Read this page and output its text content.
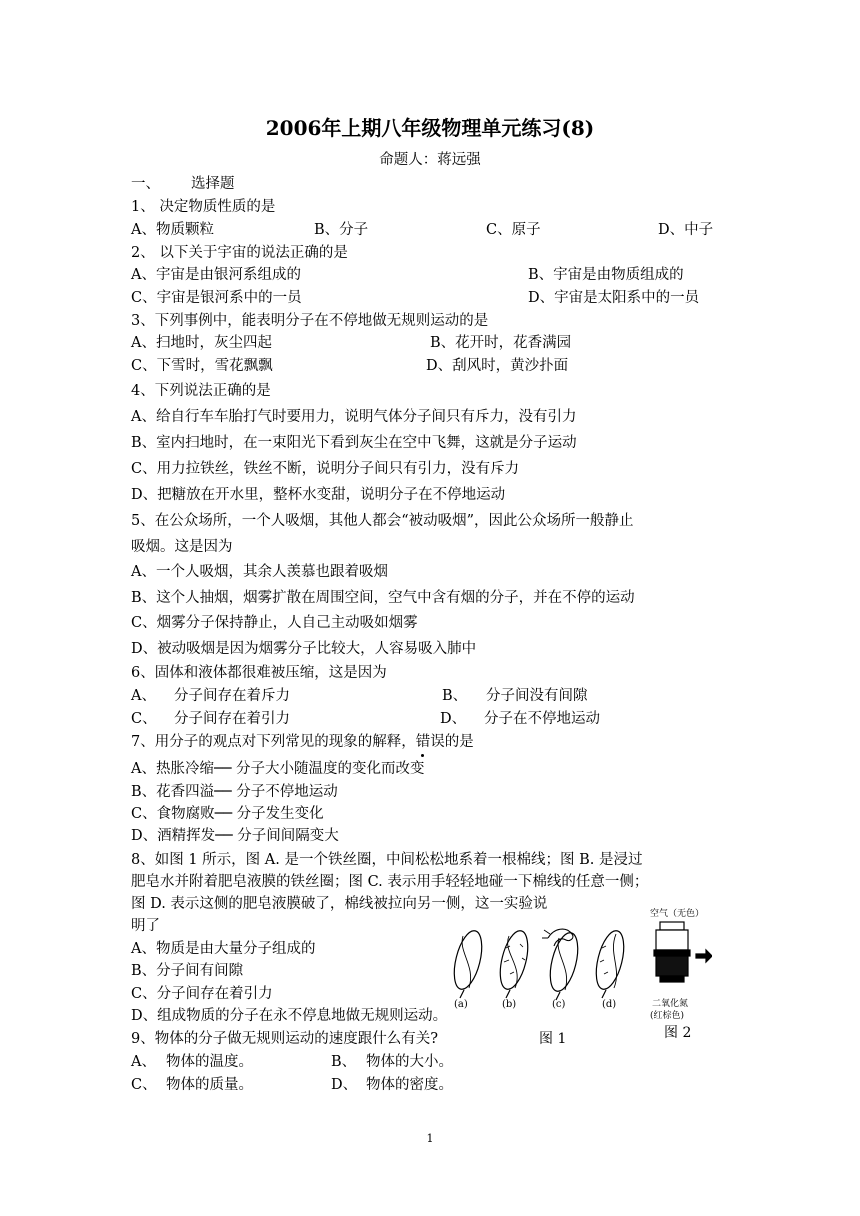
2006年上期八年级物理单元练习(8)
命题人：蒋远强
一、 选择题
1、 决定物质性质的是
A、物质颗粒	B、分子	C、原子	D、中子
2、 以下关于宇宙的说法正确的是
A、宇宙是由银河系组成的	B、宇宙是由物质组成的
C、宇宙是银河系中的一员	D、宇宙是太阳系中的一员
3、下列事例中，能表明分子在不停地做无规则运动的是
A、扫地时，灰尘四起	B、花开时，花香满园
C、下雪时，雪花飘飘	D、刮风时，黄沙扑面
4、下列说法正确的是
A、给自行车车胎打气时要用力，说明气体分子间只有斥力，没有引力
B、室内扫地时，在一束阳光下看到灰尘在空中飞舞，这就是分子运动
C、用力拉铁丝，铁丝不断，说明分子间只有引力，没有斥力
D、把糖放在开水里，整杯水变甜，说明分子在不停地运动
5、在公众场所，一个人吸烟，其他人都会“被动吸烟”，因此公众场所一般静止
吸烟。这是因为
A、一个人吸烟，其余人羡慕也跟着吸烟
B、这个人抽烟，烟雾扩散在周围空间，空气中含有烟的分子，并在不停的运动
C、烟雾分子保持静止，人自己主动吸如烟雾
D、被动吸烟是因为烟雾分子比较大，人容易吸入肺中
6、固体和液体都很难被压缩，这是因为
A、 分子间存在着斥力	B、 分子间没有间隙
C、 分子间存在着引力	D、 分子在不停地运动
7、用分子的观点对下列常见的现象的解释，错误的是
A、热胀冷缩── 分子大小随温度的变化而改变
B、花香四溢── 分子不停地运动
C、食物腐败── 分子发生变化
D、酒精挥发── 分子间间隔变大
8、如图 1 所示，图 A. 是一个铁丝圈，中间松松地系着一根棉线；图 B. 是浸过
肥皂水并附着肥皂液膜的铁丝圈；图 C. 表示用手轻轻地碰一下棉线的任意一侧；
图 D. 表示这侧的肥皂液膜破了，棉线被拉向另一侧，这一实验说
明了
A、物质是由大量分子组成的
B、分子间有间隙
C、分子间存在着引力
D、组成物质的分子在永不停息地做无规则运动。
9、物体的分子做无规则运动的速度跟什么有关?
A、 物体的温度。	B、 物体的大小。
C、 物体的质量。	D、 物体的密度。
(a)	(b)	(c)	(d)
图 1
空气（无色）
二氧化氮
(红棕色)
图 2
1
